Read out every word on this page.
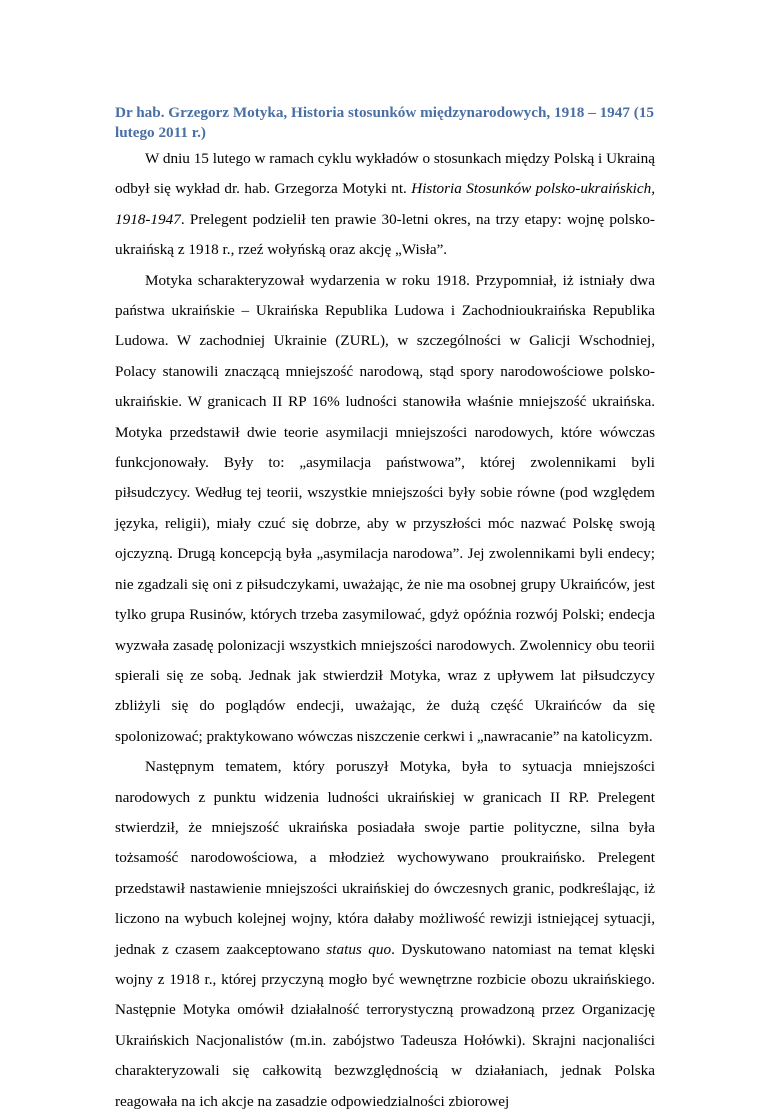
Dr hab. Grzegorz Motyka, Historia stosunków międzynarodowych, 1918 – 1947 (15 lutego 2011 r.)

W dniu 15 lutego w ramach cyklu wykładów o stosunkach między Polską i Ukrainą odbył się wykład dr. hab. Grzegorza Motyki nt. Historia Stosunków polsko-ukraińskich, 1918-1947. Prelegent podzielił ten prawie 30-letni okres, na trzy etapy: wojnę polsko-ukraińską z 1918 r., rzeź wołyńską oraz akcję „Wisła”.

Motyka scharakteryzował wydarzenia w roku 1918. Przypomniał, iż istniały dwa państwa ukraińskie – Ukraińska Republika Ludowa i Zachodnioukraińska Republika Ludowa. W zachodniej Ukrainie (ZURL), w szczególności w Galicji Wschodniej, Polacy stanowili znaczącą mniejszość narodową, stąd spory narodowościowe polsko-ukraińskie. W granicach II RP 16% ludności stanowiła właśnie mniejszość ukraińska. Motyka przedstawił dwie teorie asymilacji mniejszości narodowych, które wówczas funkcjonowały. Były to: „asymilacja państwowa”, której zwolennikami byli piłsudczycy. Według tej teorii, wszystkie mniejszości były sobie równe (pod względem języka, religii), miały czuć się dobrze, aby w przyszłości móc nazwać Polskę swoją ojczyzną. Drugą koncepcją była „asymilacja narodowa”. Jej zwolennikami byli endecy; nie zgadzali się oni z piłsudczykami, uważając, że nie ma osobnej grupy Ukraińców, jest tylko grupa Rusinów, których trzeba zasymilować, gdyż opóźnia rozwój Polski; endecja wyzwała zasadę polonizacji wszystkich mniejszości narodowych. Zwolennicy obu teorii spierali się ze sobą. Jednak jak stwierdził Motyka, wraz z upływem lat piłsudczycy zbliżyli się do poglądów endecji, uważając, że dużą część Ukraińców da się spolonizować; praktykowano wówczas niszczenie cerkwi i „nawracanie” na katolicyzm.

Następnym tematem, który poruszył Motyka, była to sytuacja mniejszości narodowych z punktu widzenia ludności ukraińskiej w granicach II RP. Prelegent stwierdził, że mniejszość ukraińska posiadała swoje partie polityczne, silna była tożsamość narodowościowa, a młodzież wychowywano proukraińsko. Prelegent przedstawił nastawienie mniejszości ukraińskiej do ówczesnych granic, podkreślając, iż liczono na wybuch kolejnej wojny, która dałaby możliwość rewizji istniejącej sytuacji, jednak z czasem zaakceptowano status quo. Dyskutowano natomiast na temat klęski wojny z 1918 r., której przyczyną mogło być wewnętrzne rozbicie obozu ukraińskiego. Następnie Motyka omówił działalność terrorystyczną prowadzoną przez Organizację Ukraińskich Nacjonalistów (m.in. zabójstwo Tadeusza Hołówki). Skrajni nacjonaliści charakteryzowali się całkowitą bezwzględnością w działaniach, jednak Polska reagowała na ich akcje na zasadzie odpowiedzialności zbiorowej
